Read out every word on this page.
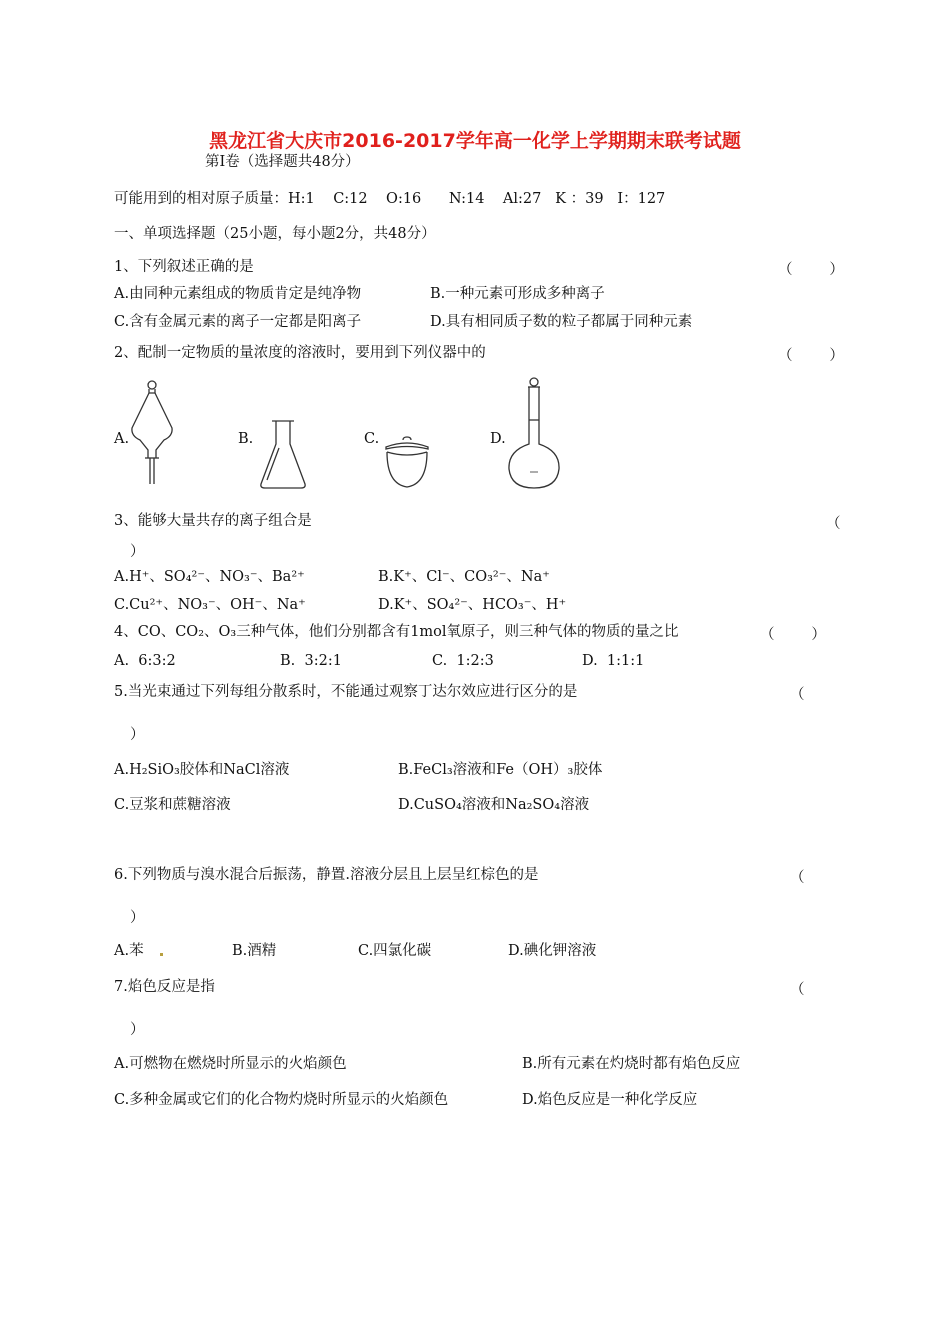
黑龙江省大庆市2016-2017学年高一化学上学期期末联考试题
第Ⅰ卷（选择题共48分）
可能用到的相对原子质量：H:1    C:12    O:16      N:14    Al:27   K ：39   I：127
一、单项选择题（25小题，每小题2分，共48分）
1、下列叙述正确的是	（        ）
A.由同种元素组成的物质肯定是纯净物	B.一种元素可形成多种离子
C.含有金属元素的离子一定都是阳离子	D.具有相同质子数的粒子都属于同种元素
2、配制一定物质的量浓度的溶液时，要用到下列仪器中的	（        ）
A.	B.	C.	D.
3、能够大量共存的离子组合是	（
）
A.H⁺、SO₄²⁻、NO₃⁻、Ba²⁺	B.K⁺、Cl⁻、CO₃²⁻、Na⁺
C.Cu²⁺、NO₃⁻、OH⁻、Na⁺	D.K⁺、SO₄²⁻、HCO₃⁻、H⁺
4、CO、CO₂、O₃三种气体，他们分别都含有1mol氧原子，则三种气体的物质的量之比	（        ）
A.  6:3:2	B.  3:2:1	C.  1:2:3	D.  1:1:1
5.当光束通过下列每组分散系时，不能通过观察丁达尔效应进行区分的是	（
）
A.H₂SiO₃胶体和NaCl溶液	B.FeCl₃溶液和Fe（OH）₃胶体
C.豆浆和蔗糖溶液	D.CuSO₄溶液和Na₂SO₄溶液
6.下列物质与溴水混合后振荡，静置.溶液分层且上层呈红棕色的是	（
）
A.苯	B.酒精	C.四氯化碳	D.碘化钾溶液
7.焰色反应是指	（
）
A.可燃物在燃烧时所显示的火焰颜色	B.所有元素在灼烧时都有焰色反应
C.多种金属或它们的化合物灼烧时所显示的火焰颜色	D.焰色反应是一种化学反应
